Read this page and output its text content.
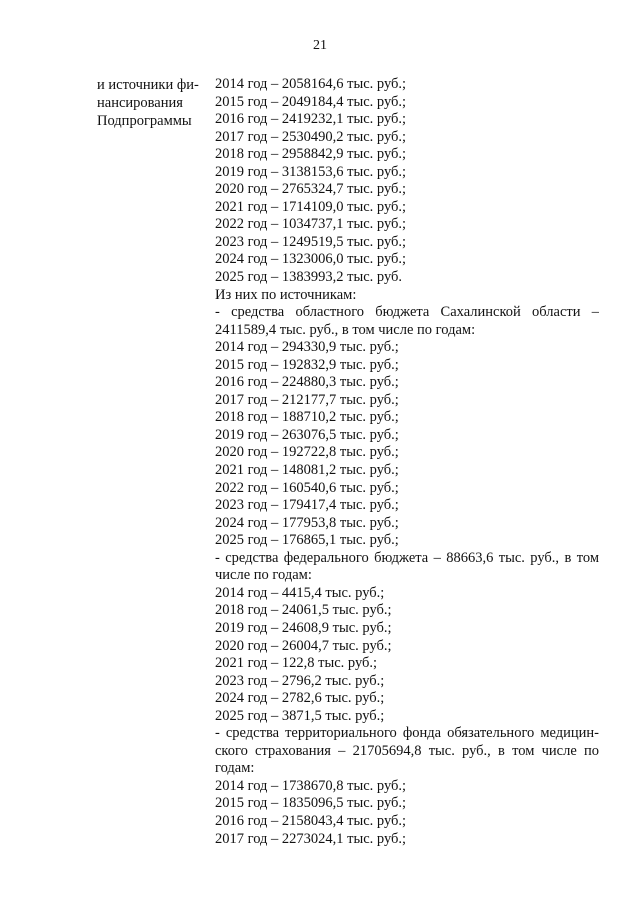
21
и источники фи-
нансирования
Подпрограммы
2014 год – 2058164,6 тыс. руб.;
2015 год – 2049184,4 тыс. руб.;
2016 год – 2419232,1 тыс. руб.;
2017 год – 2530490,2 тыс. руб.;
2018 год – 2958842,9 тыс. руб.;
2019 год – 3138153,6 тыс. руб.;
2020 год – 2765324,7 тыс. руб.;
2021 год – 1714109,0 тыс. руб.;
2022 год – 1034737,1 тыс. руб.;
2023 год – 1249519,5 тыс. руб.;
2024 год – 1323006,0 тыс. руб.;
2025 год – 1383993,2 тыс. руб.
Из них по источникам:
- средства областного бюджета Сахалинской области –
2411589,4 тыс. руб., в том числе по годам:
2014 год – 294330,9 тыс. руб.;
2015 год – 192832,9 тыс. руб.;
2016 год – 224880,3 тыс. руб.;
2017 год – 212177,7 тыс. руб.;
2018 год – 188710,2 тыс. руб.;
2019 год – 263076,5 тыс. руб.;
2020 год – 192722,8 тыс. руб.;
2021 год – 148081,2 тыс. руб.;
2022 год – 160540,6 тыс. руб.;
2023 год – 179417,4 тыс. руб.;
2024 год – 177953,8 тыс. руб.;
2025 год – 176865,1 тыс. руб.;
- средства федерального бюджета – 88663,6 тыс. руб., в том
числе по годам:
2014 год – 4415,4 тыс. руб.;
2018 год – 24061,5 тыс. руб.;
2019 год – 24608,9 тыс. руб.;
2020 год – 26004,7 тыс. руб.;
2021 год – 122,8 тыс. руб.;
2023 год – 2796,2 тыс. руб.;
2024 год – 2782,6 тыс. руб.;
2025 год – 3871,5 тыс. руб.;
- средства территориального фонда обязательного медицин-
ского страхования – 21705694,8 тыс. руб., в том числе по
годам:
2014 год – 1738670,8 тыс. руб.;
2015 год – 1835096,5 тыс. руб.;
2016 год – 2158043,4 тыс. руб.;
2017 год – 2273024,1 тыс. руб.;
